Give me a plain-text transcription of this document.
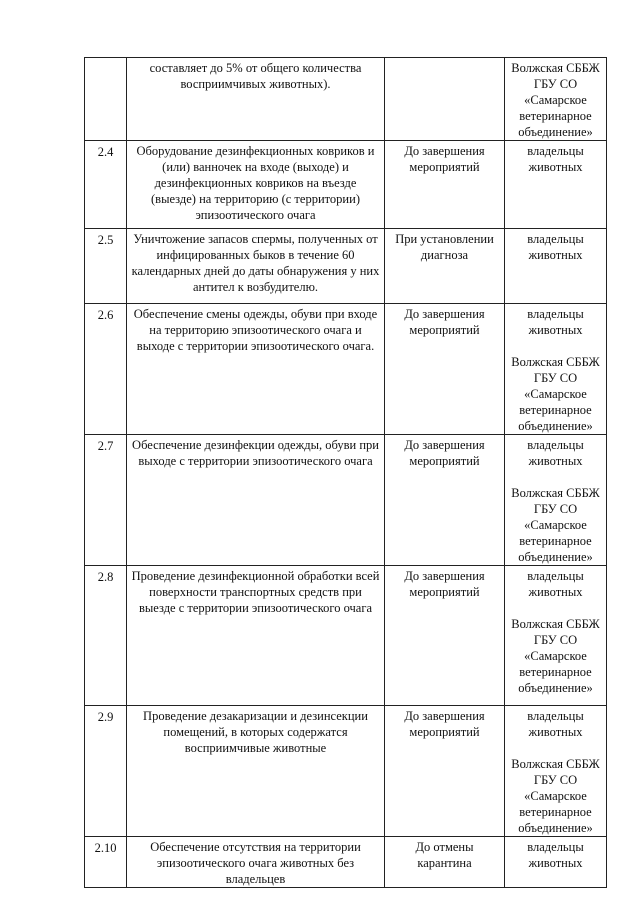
	составляет до 5% от общего количества восприимчивых животных).		Волжская СББЖ ГБУ СО «Самарское ветеринарное объединение»

2.4	Оборудование дезинфекционных ковриков и (или) ванночек на входе (выходе) и дезинфекционных ковриков на въезде (выезде) на территорию (с территории) эпизоотического очага	До завершения мероприятий	владельцы животных

2.5	Уничтожение запасов спермы, полученных от инфицированных быков в течение 60 календарных дней до даты обнаружения у них антител к возбудителю.	При установлении диагноза	владельцы животных

2.6	Обеспечение смены одежды, обуви при входе на территорию эпизоотического очага и выходе с территории эпизоотического очага.	До завершения мероприятий	владельцы животных
Волжская СББЖ ГБУ СО «Самарское ветеринарное объединение»

2.7	Обеспечение дезинфекции одежды, обуви при выходе с территории эпизоотического очага	До завершения мероприятий	владельцы животных
Волжская СББЖ ГБУ СО «Самарское ветеринарное объединение»

2.8	Проведение дезинфекционной обработки всей поверхности транспортных средств при выезде с территории эпизоотического очага	До завершения мероприятий	владельцы животных
Волжская СББЖ ГБУ СО «Самарское ветеринарное объединение»

2.9	Проведение дезакаризации и дезинсекции помещений, в которых содержатся восприимчивые животные	До завершения мероприятий	владельцы животных
Волжская СББЖ ГБУ СО «Самарское ветеринарное объединение»

2.10	Обеспечение отсутствия на территории эпизоотического очага животных без владельцев	До отмены карантина	владельцы животных
